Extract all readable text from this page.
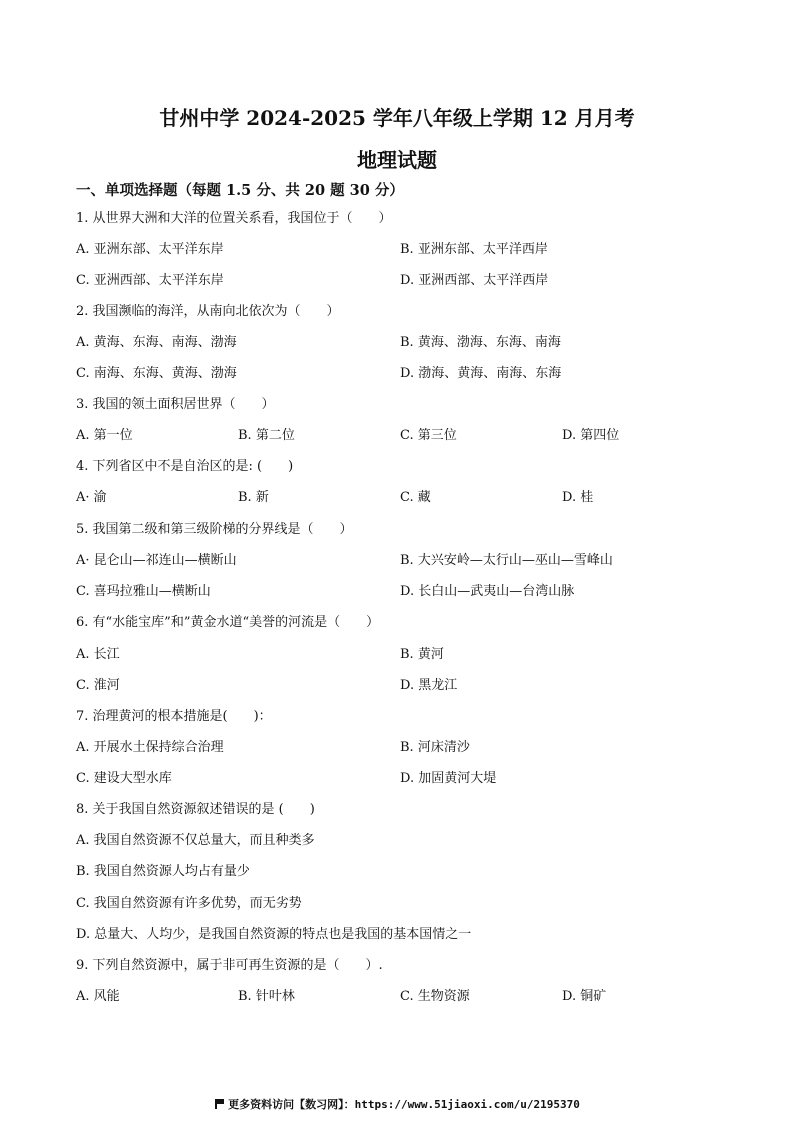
甘州中学 2024-2025 学年八年级上学期 12 月月考
地理试题
一、单项选择题（每题 1.5 分、共 20 题 30 分）
1. 从世界大洲和大洋的位置关系看，我国位于（　　）
A. 亚洲东部、太平洋东岸	B. 亚洲东部、太平洋西岸
C. 亚洲西部、太平洋东岸	D. 亚洲西部、太平洋西岸
2. 我国濒临的海洋，从南向北依次为（　　）
A. 黄海、东海、南海、渤海	B. 黄海、渤海、东海、南海
C. 南海、东海、黄海、渤海	D. 渤海、黄海、南海、东海
3. 我国的领土面积居世界（　　）
A. 第一位	B. 第二位	C. 第三位	D. 第四位
4. 下列省区中不是自治区的是: (　　)
A· 渝	B. 新	C. 藏	D. 桂
5. 我国第二级和第三级阶梯的分界线是（　　）
A· 昆仑山—祁连山—横断山	B. 大兴安岭—太行山—巫山—雪峰山
C. 喜玛拉雅山—横断山	D. 长白山—武夷山—台湾山脉
6. 有“水能宝库”和”黄金水道“美誉的河流是（　　）
A. 长江	B. 黄河
C. 淮河	D. 黑龙江
7. 治理黄河的根本措施是(　　)：
A. 开展水土保持综合治理	B. 河床清沙
C. 建设大型水库	D. 加固黄河大堤
8. 关于我国自然资源叙述错误的是 (　　)
A. 我国自然资源不仅总量大，而且种类多
B. 我国自然资源人均占有量少
C. 我国自然资源有许多优势，而无劣势
D. 总量大、人均少，是我国自然资源的特点也是我国的基本国情之一
9. 下列自然资源中，属于非可再生资源的是（　　）.
A. 风能	B. 针叶林	C. 生物资源	D. 铜矿
更多资料访问【数习网】：https://www.51jiaoxi.com/u/2195370
